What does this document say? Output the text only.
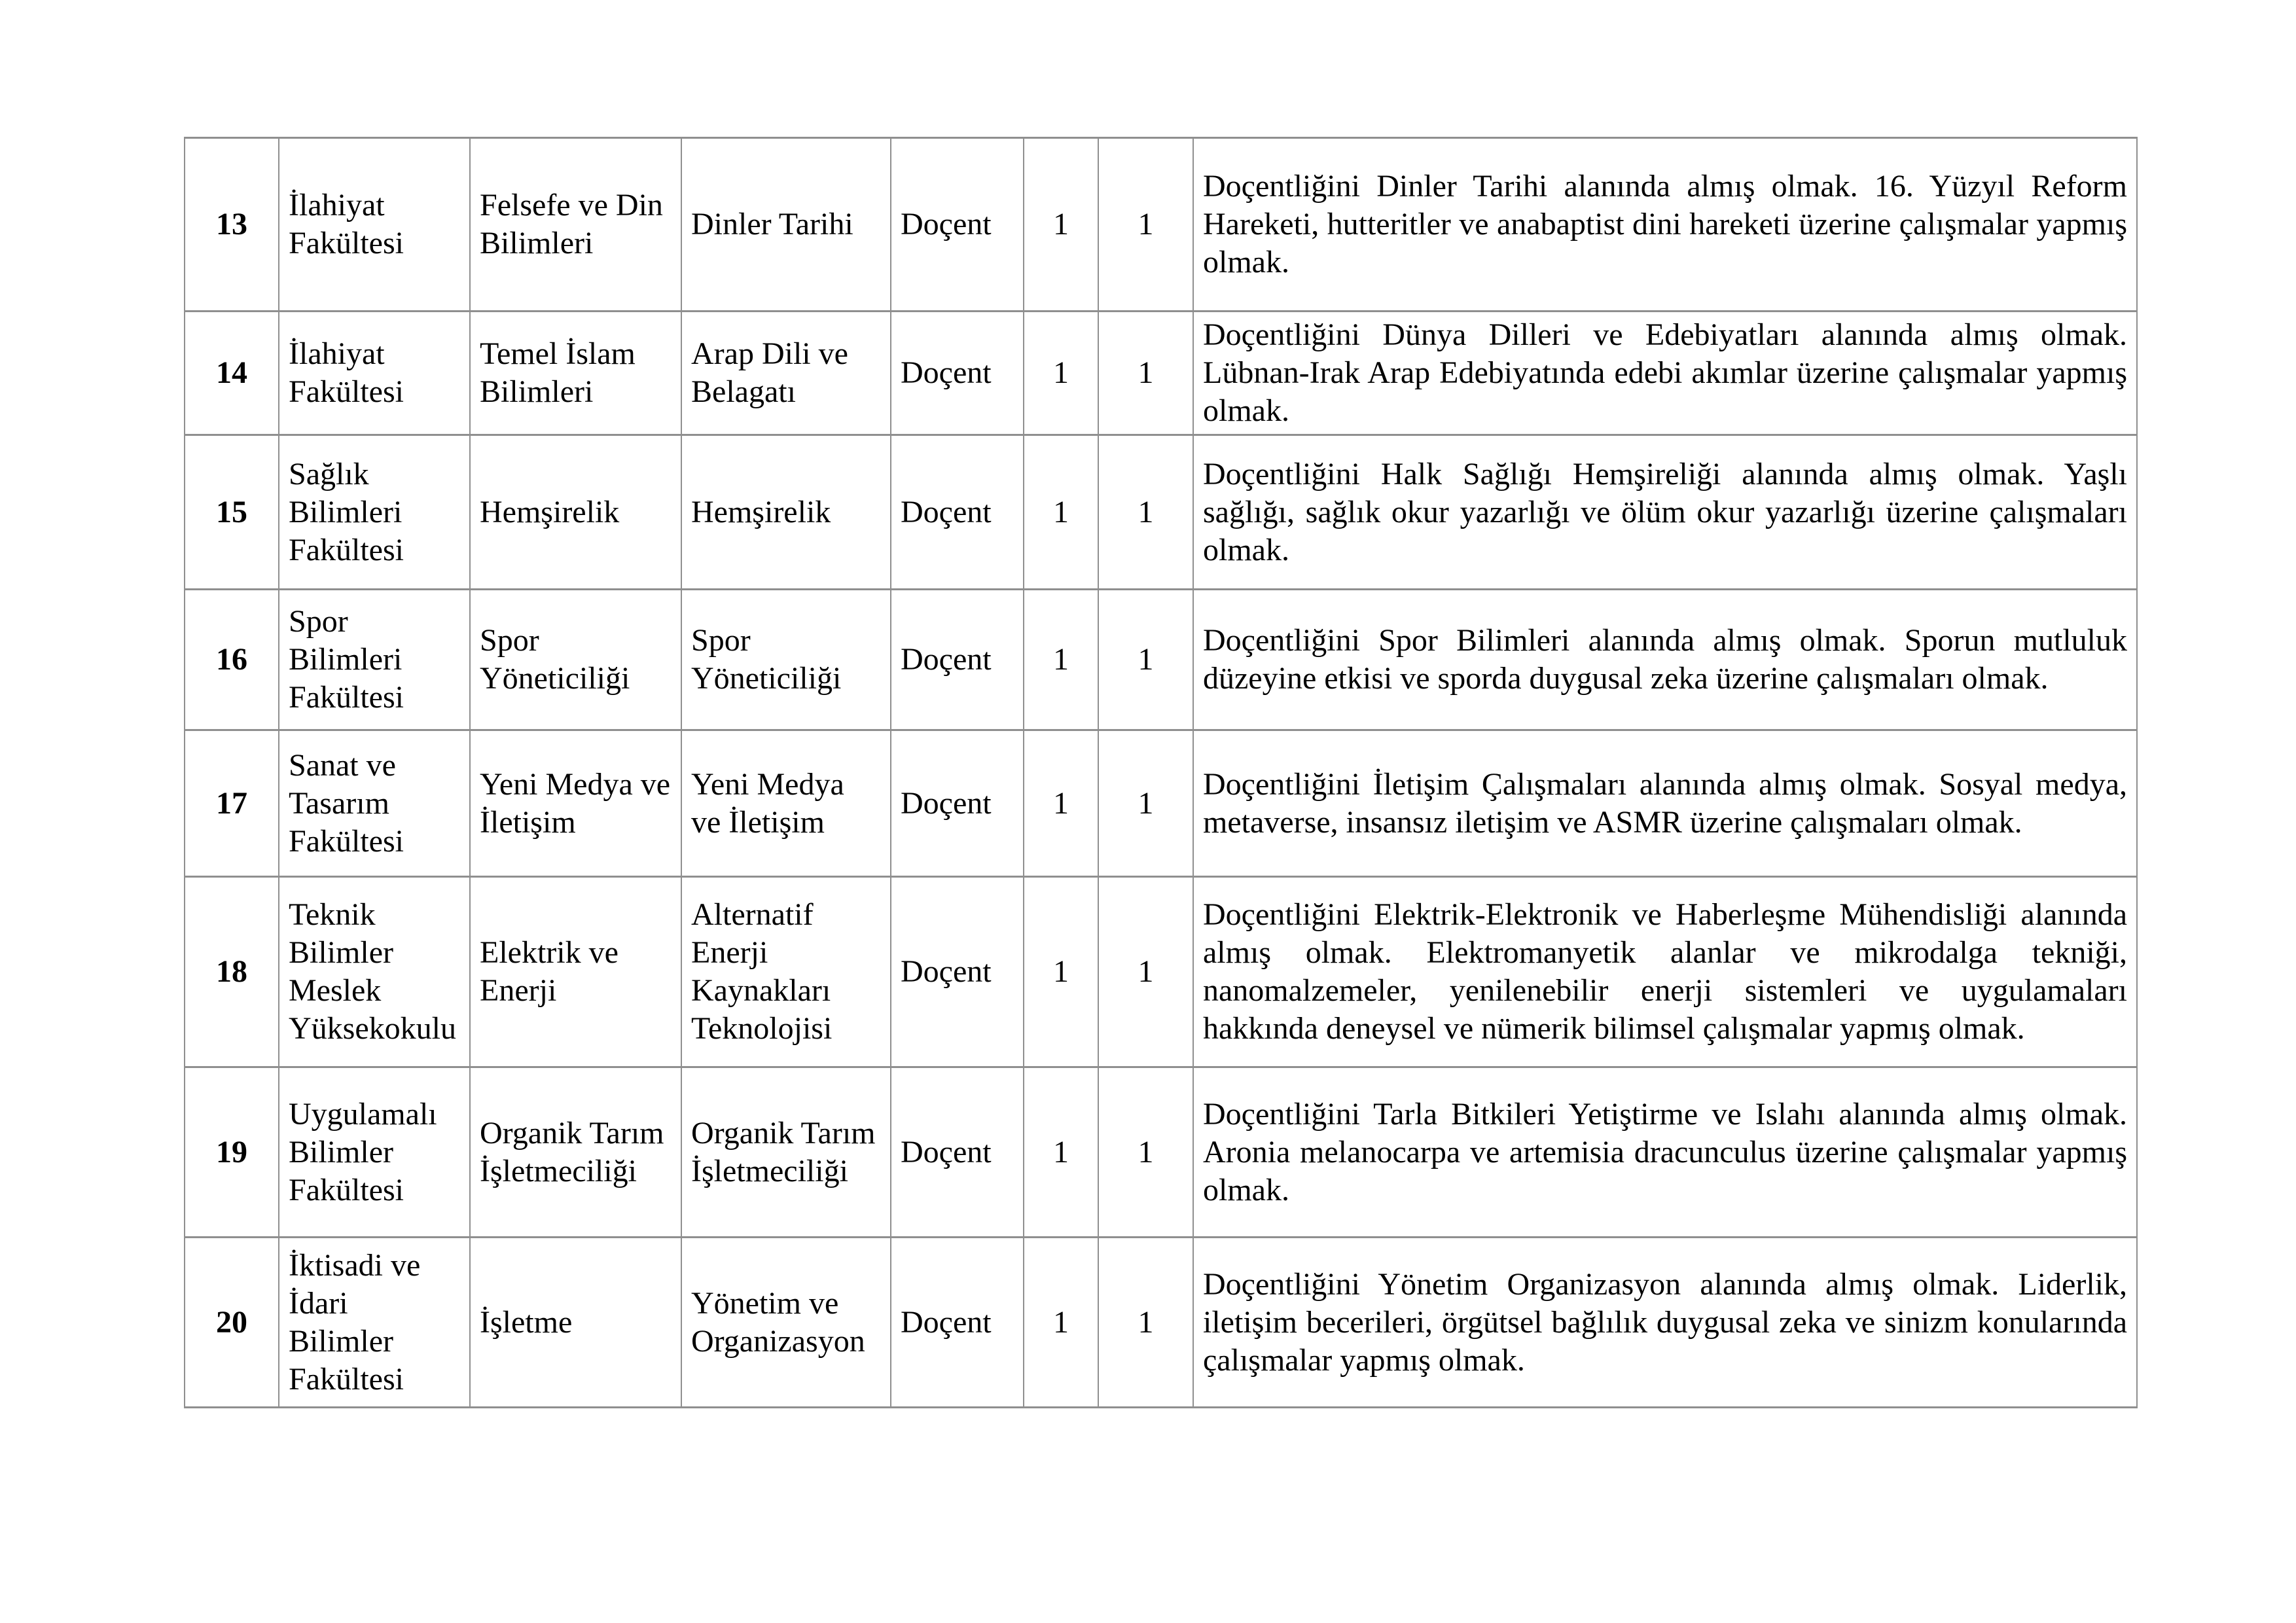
13	İlahiyat Fakültesi	Felsefe ve Din Bilimleri	Dinler Tarihi	Doçent	1	1	Doçentliğini Dinler Tarihi alanında almış olmak. 16. Yüzyıl Reform Hareketi, hutteritler ve anabaptist dini hareketi üzerine çalışmalar yapmış olmak.
14	İlahiyat Fakültesi	Temel İslam Bilimleri	Arap Dili ve Belagatı	Doçent	1	1	Doçentliğini Dünya Dilleri ve Edebiyatları alanında almış olmak. Lübnan-Irak Arap Edebiyatında edebi akımlar üzerine çalışmalar yapmış olmak.
15	Sağlık Bilimleri Fakültesi	Hemşirelik	Hemşirelik	Doçent	1	1	Doçentliğini Halk Sağlığı Hemşireliği alanında almış olmak. Yaşlı sağlığı, sağlık okur yazarlığı ve ölüm okur yazarlığı üzerine çalışmaları olmak.
16	Spor Bilimleri Fakültesi	Spor Yöneticiliği	Spor Yöneticiliği	Doçent	1	1	Doçentliğini Spor Bilimleri alanında almış olmak. Sporun mutluluk düzeyine etkisi ve sporda duygusal zeka üzerine çalışmaları olmak.
17	Sanat ve Tasarım Fakültesi	Yeni Medya ve İletişim	Yeni Medya ve İletişim	Doçent	1	1	Doçentliğini İletişim Çalışmaları alanında almış olmak. Sosyal medya, metaverse, insansız iletişim ve ASMR üzerine çalışmaları olmak.
18	Teknik Bilimler Meslek Yüksekokulu	Elektrik ve Enerji	Alternatif Enerji Kaynakları Teknolojisi	Doçent	1	1	Doçentliğini Elektrik-Elektronik ve Haberleşme Mühendisliği alanında almış olmak. Elektromanyetik alanlar ve mikrodalga tekniği, nanomalzemeler, yenilenebilir enerji sistemleri ve uygulamaları hakkında deneysel ve nümerik bilimsel çalışmalar yapmış olmak.
19	Uygulamalı Bilimler Fakültesi	Organik Tarım İşletmeciliği	Organik Tarım İşletmeciliği	Doçent	1	1	Doçentliğini Tarla Bitkileri Yetiştirme ve Islahı alanında almış olmak. Aronia melanocarpa ve artemisia dracunculus üzerine çalışmalar yapmış olmak.
20	İktisadi ve İdari Bilimler Fakültesi	İşletme	Yönetim ve Organizasyon	Doçent	1	1	Doçentliğini Yönetim Organizasyon alanında almış olmak. Liderlik, iletişim becerileri, örgütsel bağlılık duygusal zeka ve sinizm konularında çalışmalar yapmış olmak.
